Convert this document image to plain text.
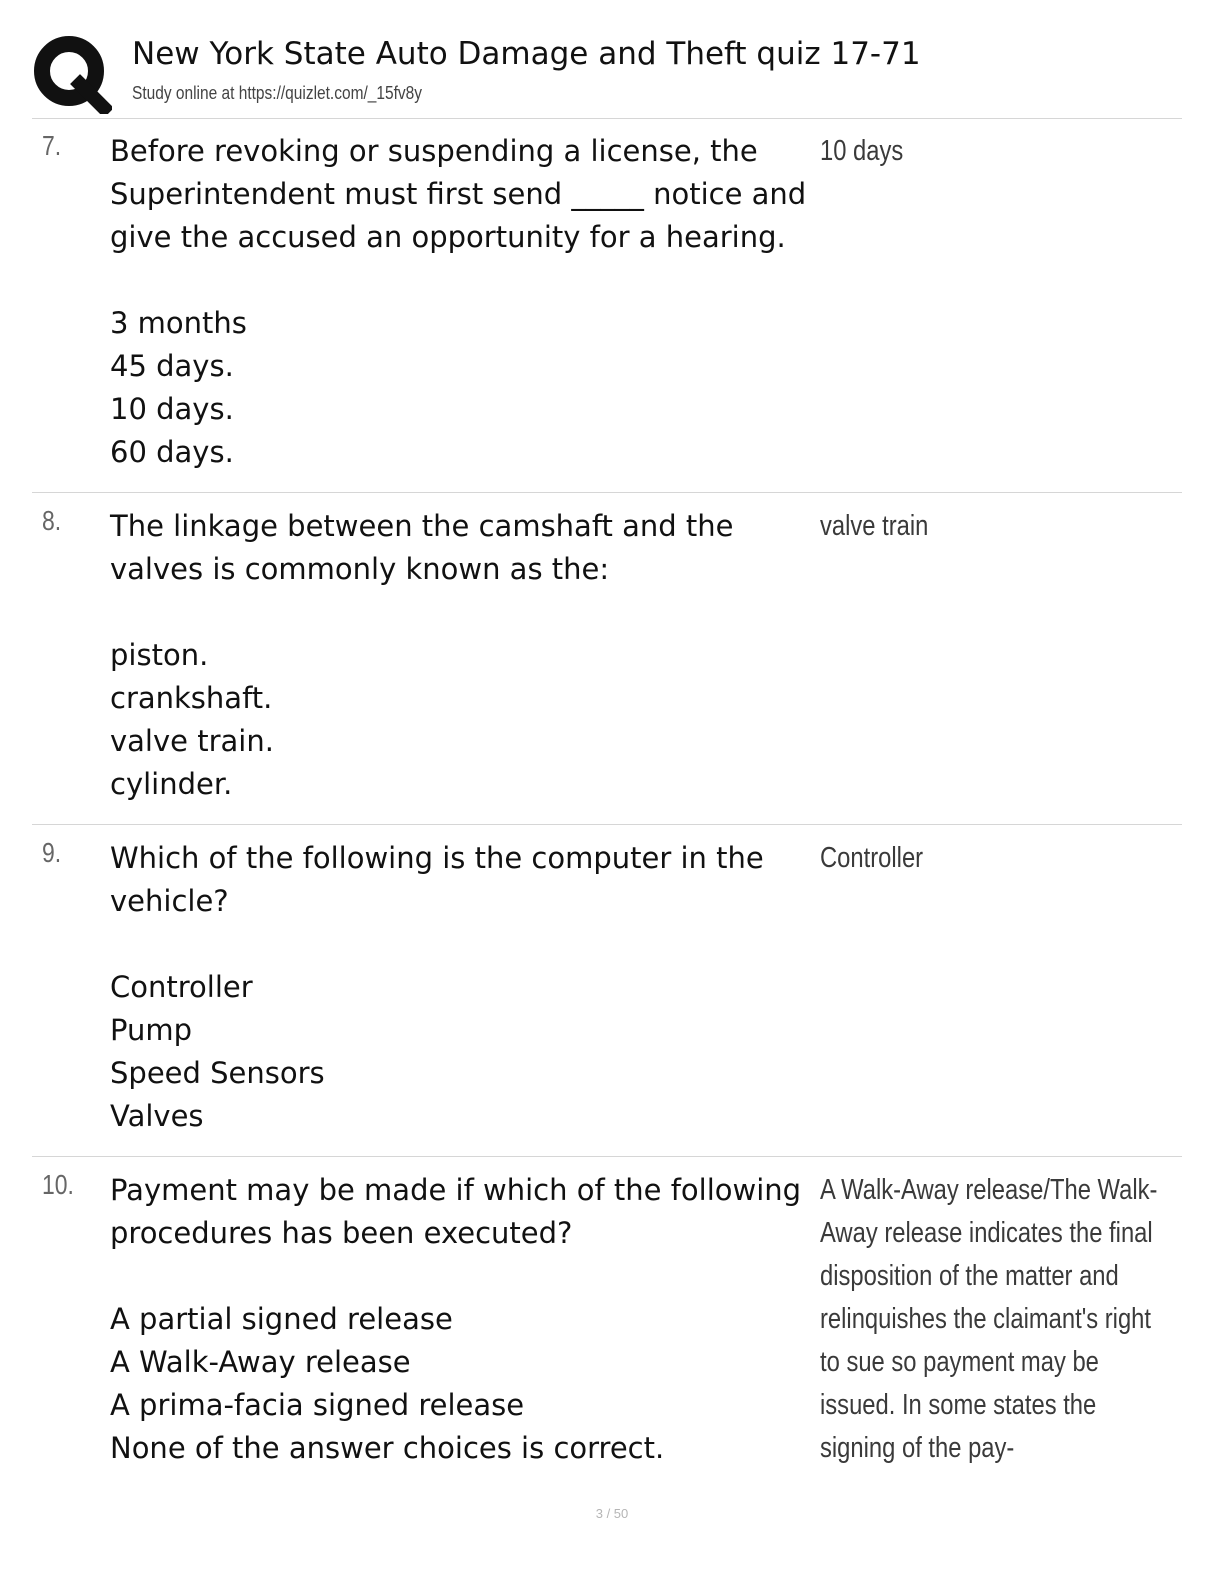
New York State Auto Damage and Theft quiz 17-71
Study online at https://quizlet.com/_15fv8y
7. Before revoking or suspending a license, the Superintendent must first send _____ notice and give the accused an opportunity for a hearing.

3 months
45 days.
10 days.
60 days.
10 days
8. The linkage between the camshaft and the valves is commonly known as the:

piston.
crankshaft.
valve train.
cylinder.
valve train
9. Which of the following is the computer in the vehicle?

Controller
Pump
Speed Sensors
Valves
Controller
10. Payment may be made if which of the following procedures has been executed?

A partial signed release
A Walk-Away release
A prima-facia signed release
None of the answer choices is correct.
A Walk-Away release/The Walk-Away release indicates the final disposition of the matter and relinquishes the claimant's right to sue so payment may be issued. In some states the signing of the pay-
3 / 50
